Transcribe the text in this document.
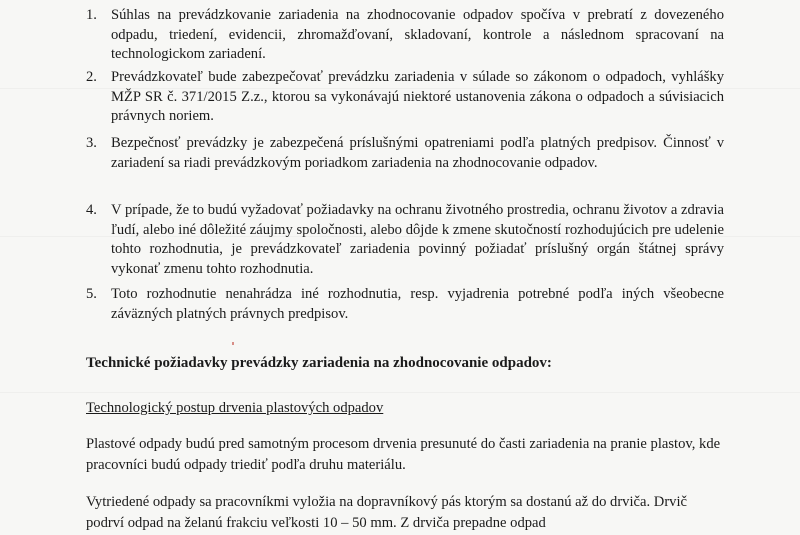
1. Súhlas na prevádzkovanie zariadenia na zhodnocovanie odpadov spočíva v prebratí z dovezeného odpadu, triedení, evidencii, zhromažďovaní, skladovaní, kontrole a následnom spracovaní na technologickom zariadení.
2. Prevádzkovateľ bude zabezpečovať prevádzku zariadenia v súlade so zákonom o odpadoch, vyhlášky MŽP SR č. 371/2015 Z.z., ktorou sa vykonávajú niektoré ustanovenia zákona o odpadoch a súvisiacich právnych noriem.
3. Bezpečnosť prevádzky je zabezpečená príslušnými opatreniami podľa platných predpisov. Činnosť v zariadení sa riadi prevádzkovým poriadkom zariadenia na zhodnocovanie odpadov.
4. V prípade, že to budú vyžadovať požiadavky na ochranu životného prostredia, ochranu životov a zdravia ľudí, alebo iné dôležité záujmy spoločnosti, alebo dôjde k zmene skutočností rozhodujúcich pre udelenie tohto rozhodnutia, je prevádzkovateľ zariadenia povinný požiadať príslušný orgán štátnej správy vykonať zmenu tohto rozhodnutia.
5. Toto rozhodnutie nenahrádza iné rozhodnutia, resp. vyjadrenia potrebné podľa iných všeobecne záväzných platných právnych predpisov.
Technické požiadavky prevádzky zariadenia na zhodnocovanie odpadov:
Technologický postup drvenia plastových odpadov
Plastové odpady budú pred samotným procesom drvenia presunuté do časti zariadenia na pranie plastov, kde pracovníci budú odpady triediť podľa druhu materiálu.
Vytriedené odpady sa pracovníkmi vyložia na dopravníkový pás ktorým sa dostanú až do drviča. Drvič podrví odpad na želanú frakciu veľkosti 10 – 50 mm. Z drviča prepadne odpad
